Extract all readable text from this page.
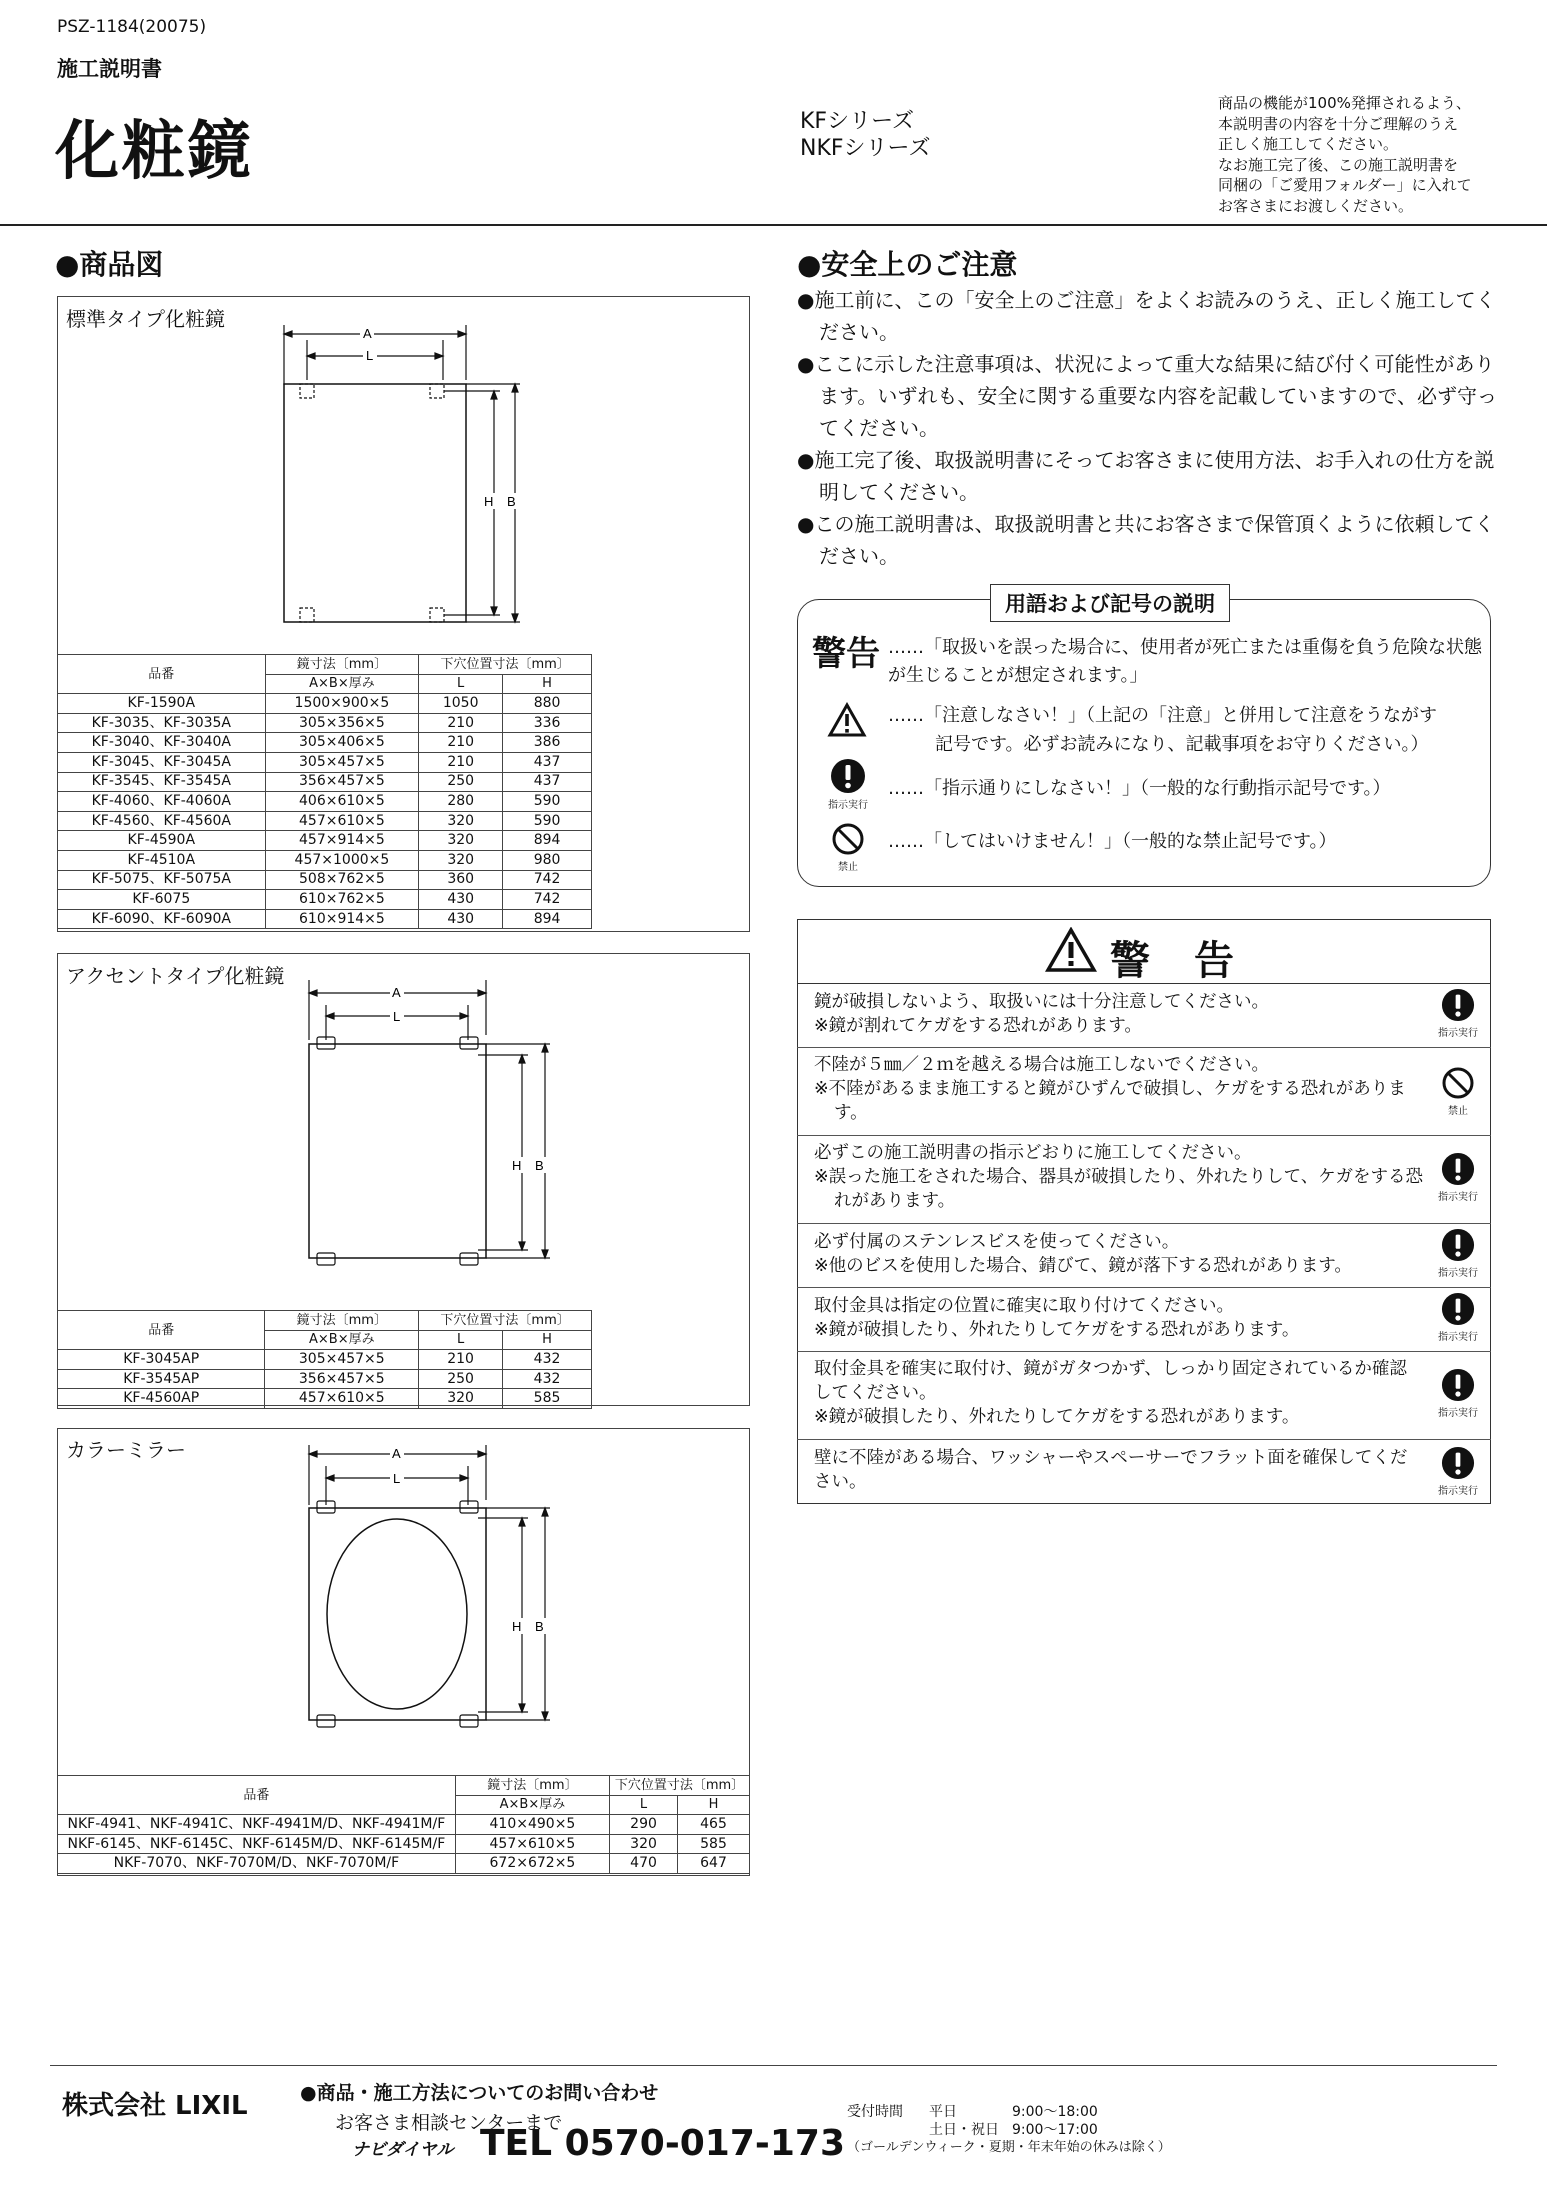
PSZ-1184(20075)
施工説明書
化粧鏡	KFシリーズ
NKFシリーズ
商品の機能が100%発揮されるよう、
本説明書の内容を十分ご理解のうえ
正しく施工してください。
なお施工完了後、この施工説明書を
同梱の「ご愛用フォルダー」に入れて
お客さまにお渡しください。
●商品図
標準タイプ化粧鏡
A
L
H B
品番	鏡寸法〔mm〕	下穴位置寸法〔mm〕	
	A×B×厚み	L	H
KF-1590A	1500×900×5	1050	880
KF-3035、KF-3035A	305×356×5	210	336
KF-3040、KF-3040A	305×406×5	210	386
KF-3045、KF-3045A	305×457×5	210	437
KF-3545、KF-3545A	356×457×5	250	437
KF-4060、KF-4060A	406×610×5	280	590
KF-4560、KF-4560A	457×610×5	320	590
KF-4590A	457×914×5	320	894
KF-4510A	457×1000×5	320	980
KF-5075、KF-5075A	508×762×5	360	742
KF-6075	610×762×5	430	742
KF-6090、KF-6090A	610×914×5	430	894
アクセントタイプ化粧鏡
A
L
H B
品番	鏡寸法〔mm〕	下穴位置寸法〔mm〕	
	A×B×厚み	L	H
KF-3045AP	305×457×5	210	432
KF-3545AP	356×457×5	250	432
KF-4560AP	457×610×5	320	585
カラーミラー	A
L
H B
品番	鏡寸法〔mm〕	下穴位置寸法〔mm〕	
	A×B×厚み	L	H
NKF-4941、NKF-4941C、NKF-4941M/D、NKF-4941M/F	410×490×5	290	465
NKF-6145、NKF-6145C、NKF-6145M/D、NKF-6145M/F	457×610×5	320	585
NKF-7070、NKF-7070M/D、NKF-7070M/F	672×672×5	470	647
●安全上のご注意
●施工前に、この「安全上のご注意」をよくお読みのうえ、正しく施工してください。
●ここに示した注意事項は、状況によって重大な結果に結び付く可能性があります。いずれも、安全に関する重要な内容を記載していますので、必ず守ってください。
●施工完了後、取扱説明書にそってお客さまに使用方法、お手入れの仕方を説明してください。
●この施工説明書は、取扱説明書と共にお客さまで保管頂くように依頼してください。
用語および記号の説明
警告 ……「取扱いを誤った場合に、使用者が死亡または重傷を負う危険な状態が生じることが想定されます。」
……「注意しなさい！」（上記の「注意」と併用して注意をうながす
記号です。必ずお読みになり、記載事項をお守りください。）
指示実行
……「指示通りにしなさい！」（一般的な行動指示記号です。）
禁止
……「してはいけません！」（一般的な禁止記号です。）
警告
鏡が破損しないよう、取扱いには十分注意してください。
※鏡が割れてケガをする恐れがあります。	指示実行
不陸が５㎜／２ｍを越える場合は施工しないでください。
※不陸があるまま施工すると鏡がひずんで破損し、ケガをする恐れがあります。	禁止
必ずこの施工説明書の指示どおりに施工してください。
※誤った施工をされた場合、器具が破損したり、外れたりして、ケガをする恐れがあります。	指示実行
必ず付属のステンレスビスを使ってください。
※他のビスを使用した場合、錆びて、鏡が落下する恐れがあります。	指示実行
取付金具は指定の位置に確実に取り付けてください。
※鏡が破損したり、外れたりしてケガをする恐れがあります。	指示実行
取付金具を確実に取付け、鏡がガタつかず、しっかり固定されているか確認してください。
※鏡が破損したり、外れたりしてケガをする恐れがあります。	指示実行
壁に不陸がある場合、ワッシャーやスペーサーでフラット面を確保してください。	指示実行
株式会社 LIXIL	●商品・施工方法についてのお問い合わせ
お客さま相談センターまで
ナビダイヤル TEL 0570-017-173
受付時間 平日	9:00～18:00
土日・祝日 9:00～17:00
（ゴールデンウィーク・夏期・年末年始の休みは除く）
